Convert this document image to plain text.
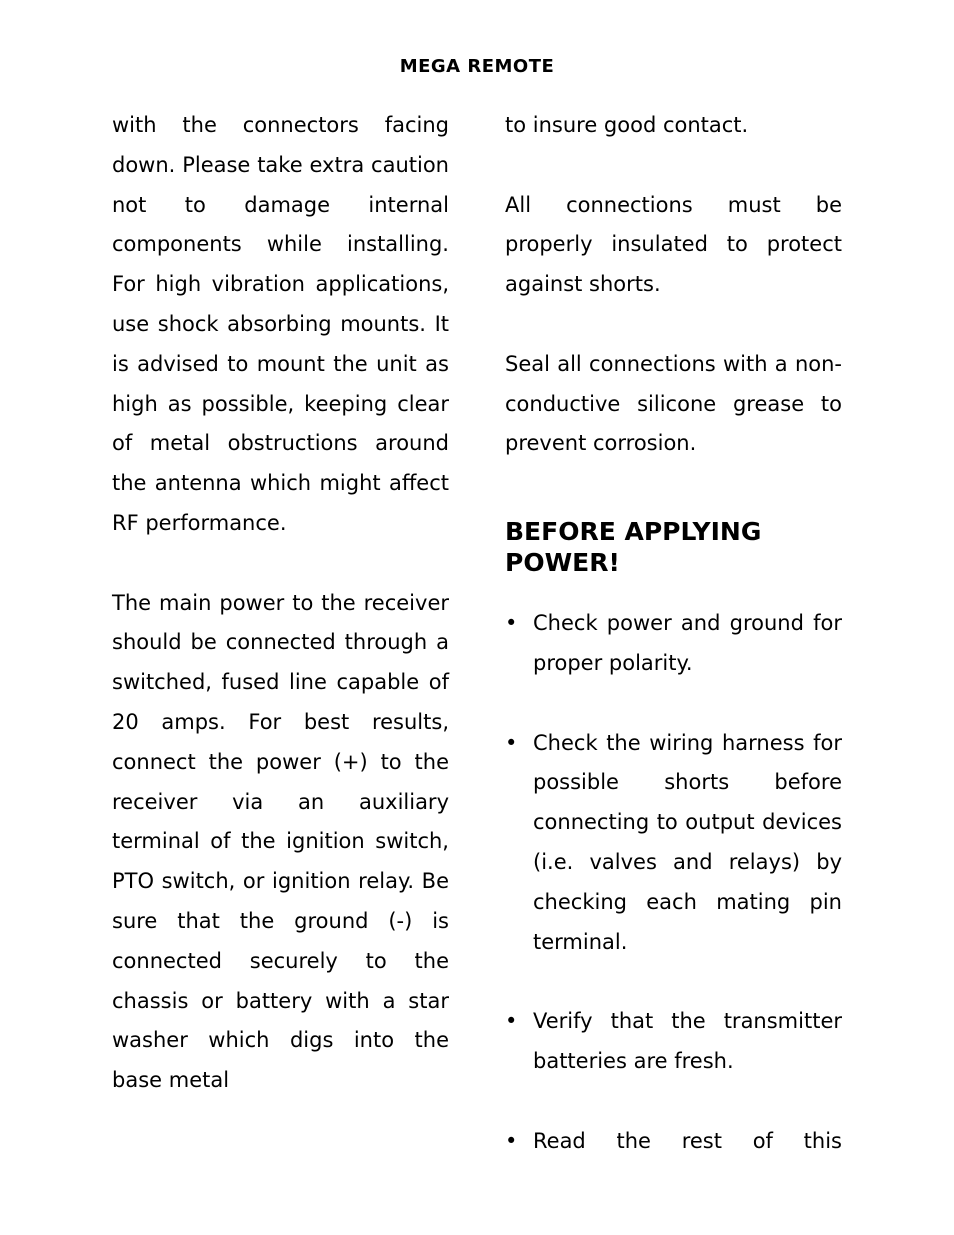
MEGA REMOTE

with the connectors facing down. Please take extra caution not to damage internal components while installing. For high vibration applications, use shock absorbing mounts. It is advised to mount the unit as high as possible, keeping clear of metal obstructions around the antenna which might affect RF performance.

The main power to the receiver should be connected through a switched, fused line capable of 20 amps. For best results, connect the power (+) to the receiver via an auxiliary terminal of the ignition switch, PTO switch, or ignition relay. Be sure that the ground (-) is connected securely to the chassis or battery with a star washer which digs into the base metal

to insure good contact.

All connections must be properly insulated to protect against shorts.

Seal all connections with a non-conductive silicone grease to prevent corrosion.

BEFORE APPLYING POWER!
• Check power and ground for proper polarity.

• Check the wiring harness for possible shorts before connecting to output devices (i.e. valves and relays) by checking each mating pin terminal.

• Verify that the transmitter batteries are fresh.

• Read the rest of this
